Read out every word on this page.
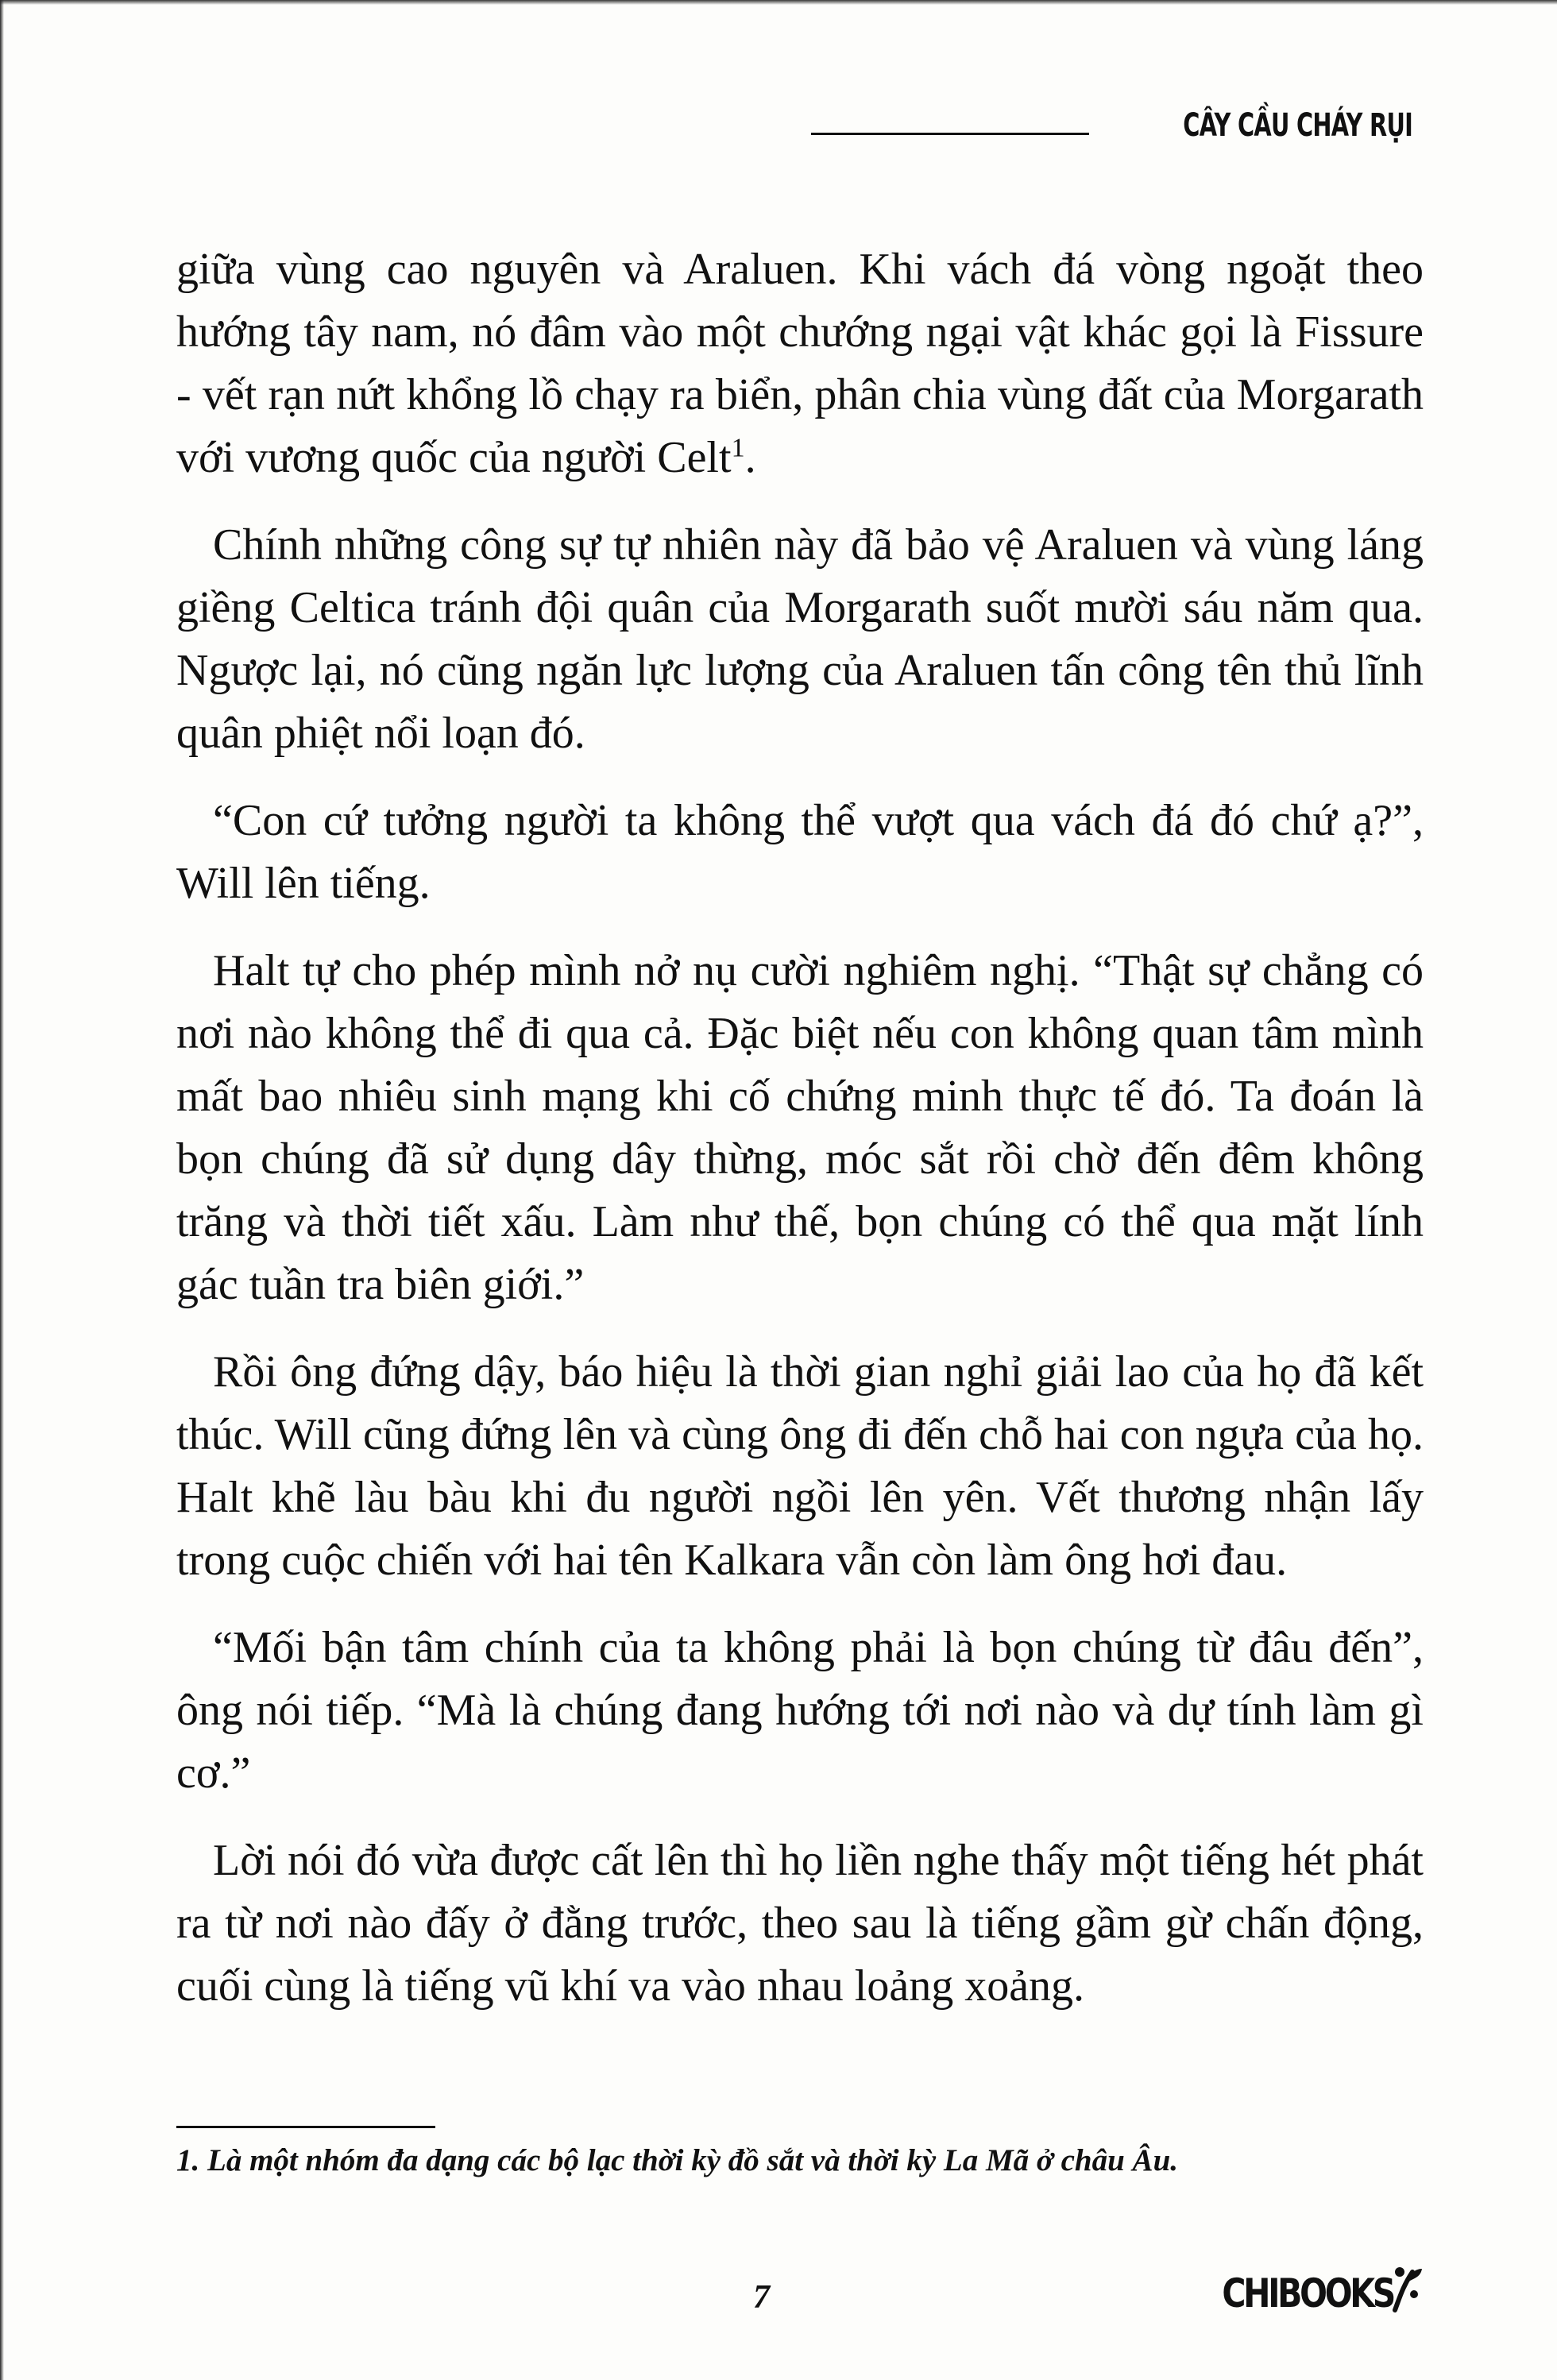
CÂY CẦU CHÁY RỤI

giữa vùng cao nguyên và Araluen. Khi vách đá vòng ngoặt theo hướng tây nam, nó đâm vào một chướng ngại vật khác gọi là Fissure - vết rạn nứt khổng lồ chạy ra biển, phân chia vùng đất của Morgarath với vương quốc của người Celt$^1$.

Chính những công sự tự nhiên này đã bảo vệ Araluen và vùng láng giềng Celtica tránh đội quân của Morgarath suốt mười sáu năm qua. Ngược lại, nó cũng ngăn lực lượng của Araluen tấn công tên thủ lĩnh quân phiệt nổi loạn đó.

“Con cứ tưởng người ta không thể vượt qua vách đá đó chứ ạ?”, Will lên tiếng.

Halt tự cho phép mình nở nụ cười nghiêm nghị. “Thật sự chẳng có nơi nào không thể đi qua cả. Đặc biệt nếu con không quan tâm mình mất bao nhiêu sinh mạng khi cố chứng minh thực tế đó. Ta đoán là bọn chúng đã sử dụng dây thừng, móc sắt rồi chờ đến đêm không trăng và thời tiết xấu. Làm như thế, bọn chúng có thể qua mặt lính gác tuần tra biên giới.”

Rồi ông đứng dậy, báo hiệu là thời gian nghỉ giải lao của họ đã kết thúc. Will cũng đứng lên và cùng ông đi đến chỗ hai con ngựa của họ. Halt khẽ làu bàu khi đu người ngồi lên yên. Vết thương nhận lấy trong cuộc chiến với hai tên Kalkara vẫn còn làm ông hơi đau.

“Mối bận tâm chính của ta không phải là bọn chúng từ đâu đến”, ông nói tiếp. “Mà là chúng đang hướng tới nơi nào và dự tính làm gì cơ.”

Lời nói đó vừa được cất lên thì họ liền nghe thấy một tiếng hét phát ra từ nơi nào đấy ở đằng trước, theo sau là tiếng gầm gừ chấn động, cuối cùng là tiếng vũ khí va vào nhau loảng xoảng.

1. Là một nhóm đa dạng các bộ lạc thời kỳ đồ sắt và thời kỳ La Mã ở châu Âu.
7	CHIBOOKS
